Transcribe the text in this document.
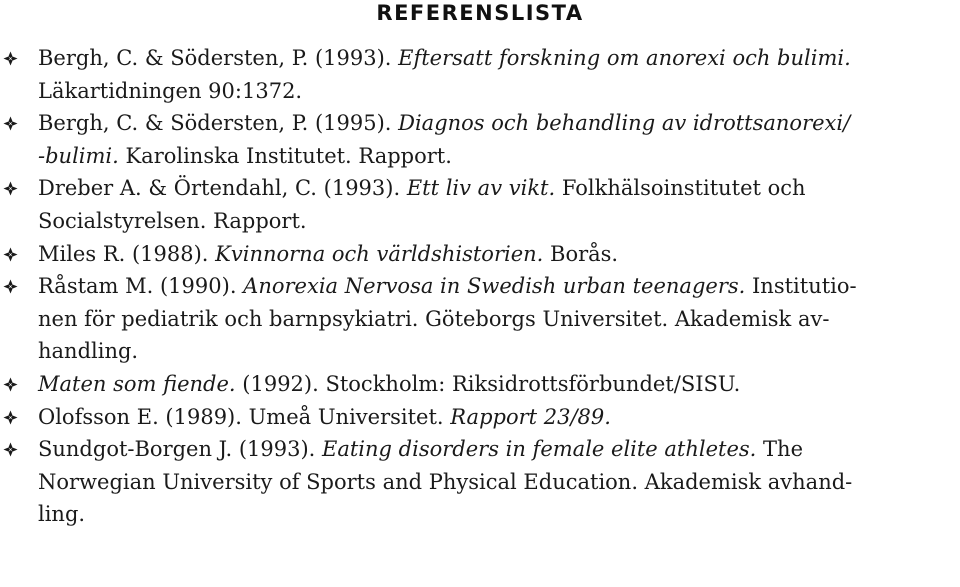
REFERENSLISTA
Bergh, C. & Södersten, P. (1993). Eftersatt forskning om anorexi och bulimi.
Läkartidningen 90:1372.
Bergh, C. & Södersten, P. (1995). Diagnos och behandling av idrottsanorexi/
-bulimi. Karolinska Institutet. Rapport.
Dreber A. & Örtendahl, C. (1993). Ett liv av vikt. Folkhälsoinstitutet och
Socialstyrelsen. Rapport.
Miles R. (1988). Kvinnorna och världshistorien. Borås.
Råstam M. (1990). Anorexia Nervosa in Swedish urban teenagers. Institutio-
nen för pediatrik och barnpsykiatri. Göteborgs Universitet. Akademisk av-
handling.
Maten som fiende. (1992). Stockholm: Riksidrottsförbundet/SISU.
Olofsson E. (1989). Umeå Universitet. Rapport 23/89.
Sundgot-Borgen J. (1993). Eating disorders in female elite athletes. The
Norwegian University of Sports and Physical Education. Akademisk avhand-
ling.
